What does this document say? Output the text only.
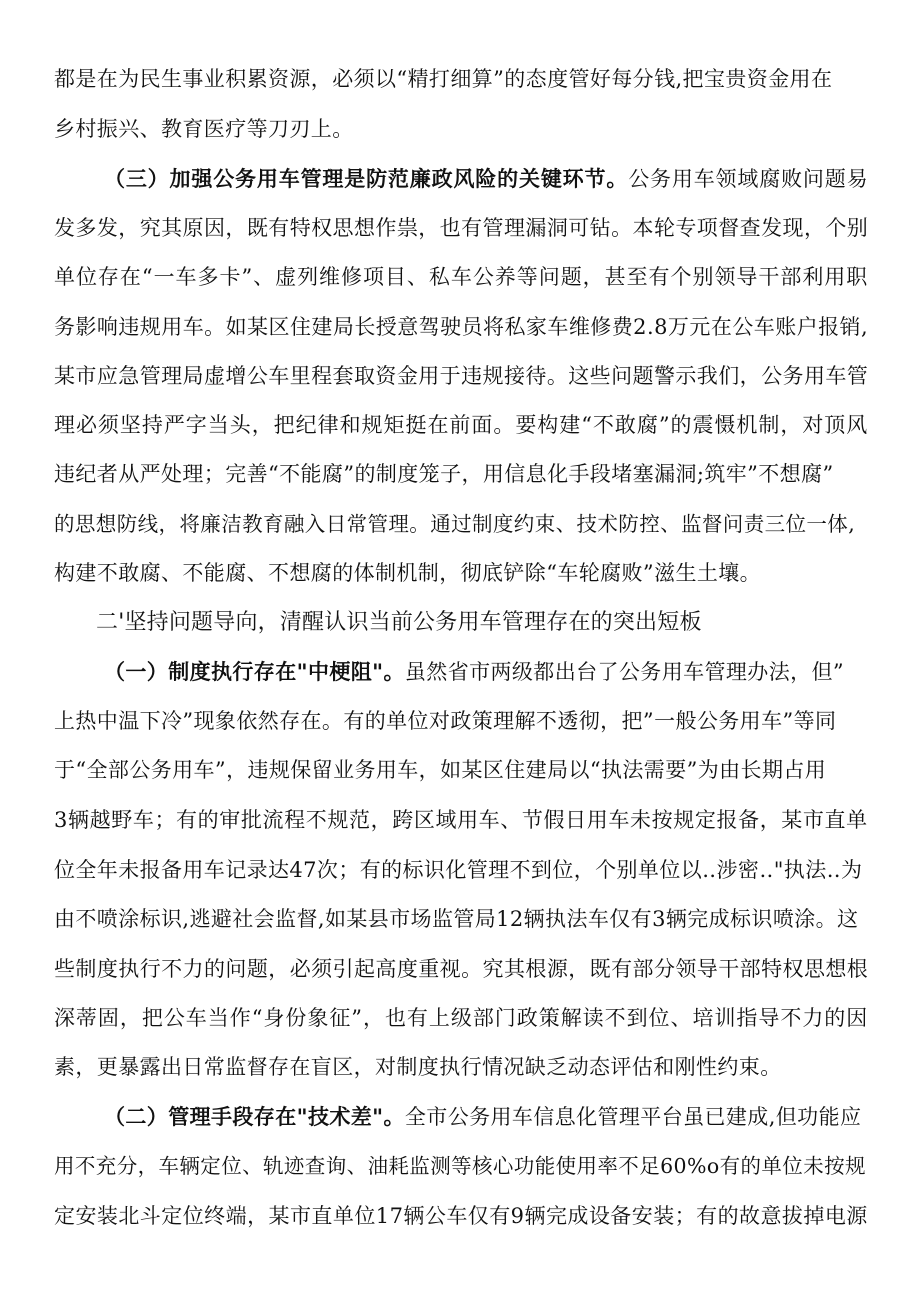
都是在为民生事业积累资源，必须以“精打细算”的态度管好每分钱,把宝贵资金用在
乡村振兴、教育医疗等刀刃上。
（三）加强公务用车管理是防范廉政风险的关键环节。公务用车领域腐败问题易
发多发，究其原因，既有特权思想作祟，也有管理漏洞可钻。本轮专项督查发现，个别
单位存在“一车多卡”、虚列维修项目、私车公养等问题，甚至有个别领导干部利用职
务影响违规用车。如某区住建局长授意驾驶员将私家车维修费2.8万元在公车账户报销,
某市应急管理局虚增公车里程套取资金用于违规接待。这些问题警示我们，公务用车管
理必须坚持严字当头，把纪律和规矩挺在前面。要构建“不敢腐”的震慑机制，对顶风
违纪者从严处理；完善“不能腐”的制度笼子，用信息化手段堵塞漏洞;筑牢”不想腐”
的思想防线，将廉洁教育融入日常管理。通过制度约束、技术防控、监督问责三位一体,
构建不敢腐、不能腐、不想腐的体制机制，彻底铲除“车轮腐败”滋生土壤。
二'坚持问题导向，清醒认识当前公务用车管理存在的突出短板
（一）制度执行存在"中梗阻"。虽然省市两级都出台了公务用车管理办法，但”
上热中温下冷”现象依然存在。有的单位对政策理解不透彻，把”一般公务用车”等同
于“全部公务用车”，违规保留业务用车，如某区住建局以“执法需要”为由长期占用
3辆越野车；有的审批流程不规范，跨区域用车、节假日用车未按规定报备，某市直单
位全年未报备用车记录达47次；有的标识化管理不到位，个别单位以‥涉密‥"执法‥为
由不喷涂标识,逃避社会监督,如某县市场监管局12辆执法车仅有3辆完成标识喷涂。这
些制度执行不力的问题，必须引起高度重视。究其根源，既有部分领导干部特权思想根
深蒂固，把公车当作“身份象征”，也有上级部门政策解读不到位、培训指导不力的因
素，更暴露出日常监督存在盲区，对制度执行情况缺乏动态评估和刚性约束。
（二）管理手段存在"技术差"。全市公务用车信息化管理平台虽已建成,但功能应
用不充分，车辆定位、轨迹查询、油耗监测等核心功能使用率不足60%o有的单位未按规
定安装北斗定位终端，某市直单位17辆公车仅有9辆完成设备安装；有的故意拔掉电源
